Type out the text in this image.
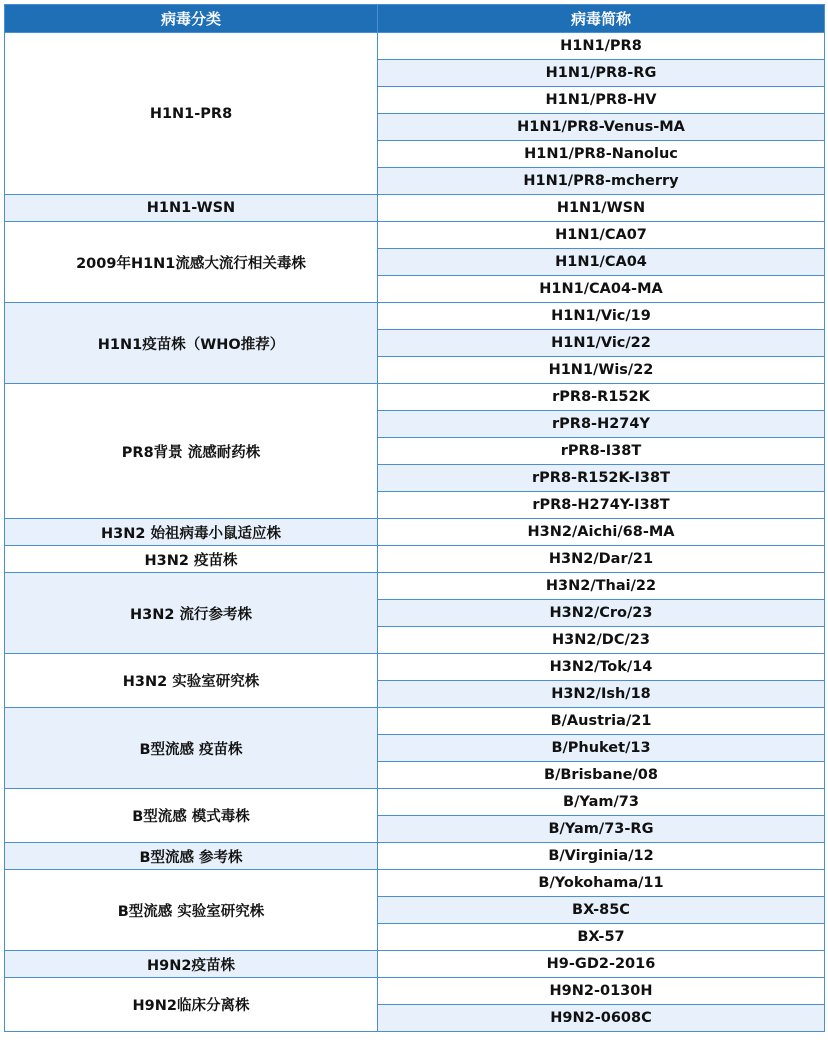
病毒分类	病毒简称
H1N1-PR8	H1N1/PR8
	H1N1/PR8-RG
	H1N1/PR8-HV
	H1N1/PR8-Venus-MA
	H1N1/PR8-Nanoluc
	H1N1/PR8-mcherry
H1N1-WSN	H1N1/WSN
2009年H1N1流感大流行相关毒株	H1N1/CA07
	H1N1/CA04
	H1N1/CA04-MA
H1N1疫苗株（WHO推荐）	H1N1/Vic/19
	H1N1/Vic/22
	H1N1/Wis/22
PR8背景 流感耐药株	rPR8-R152K
	rPR8-H274Y
	rPR8-I38T
	rPR8-R152K-I38T
	rPR8-H274Y-I38T
H3N2 始祖病毒小鼠适应株	H3N2/Aichi/68-MA
H3N2 疫苗株	H3N2/Dar/21
H3N2 流行参考株	H3N2/Thai/22
	H3N2/Cro/23
	H3N2/DC/23
H3N2 实验室研究株	H3N2/Tok/14
	H3N2/Ish/18
B型流感 疫苗株	B/Austria/21
	B/Phuket/13
	B/Brisbane/08
B型流感 模式毒株	B/Yam/73
	B/Yam/73-RG
B型流感 参考株	B/Virginia/12
B型流感 实验室研究株	B/Yokohama/11
	BX-85C
	BX-57
H9N2疫苗株	H9-GD2-2016
H9N2临床分离株	H9N2-0130H
	H9N2-0608C
